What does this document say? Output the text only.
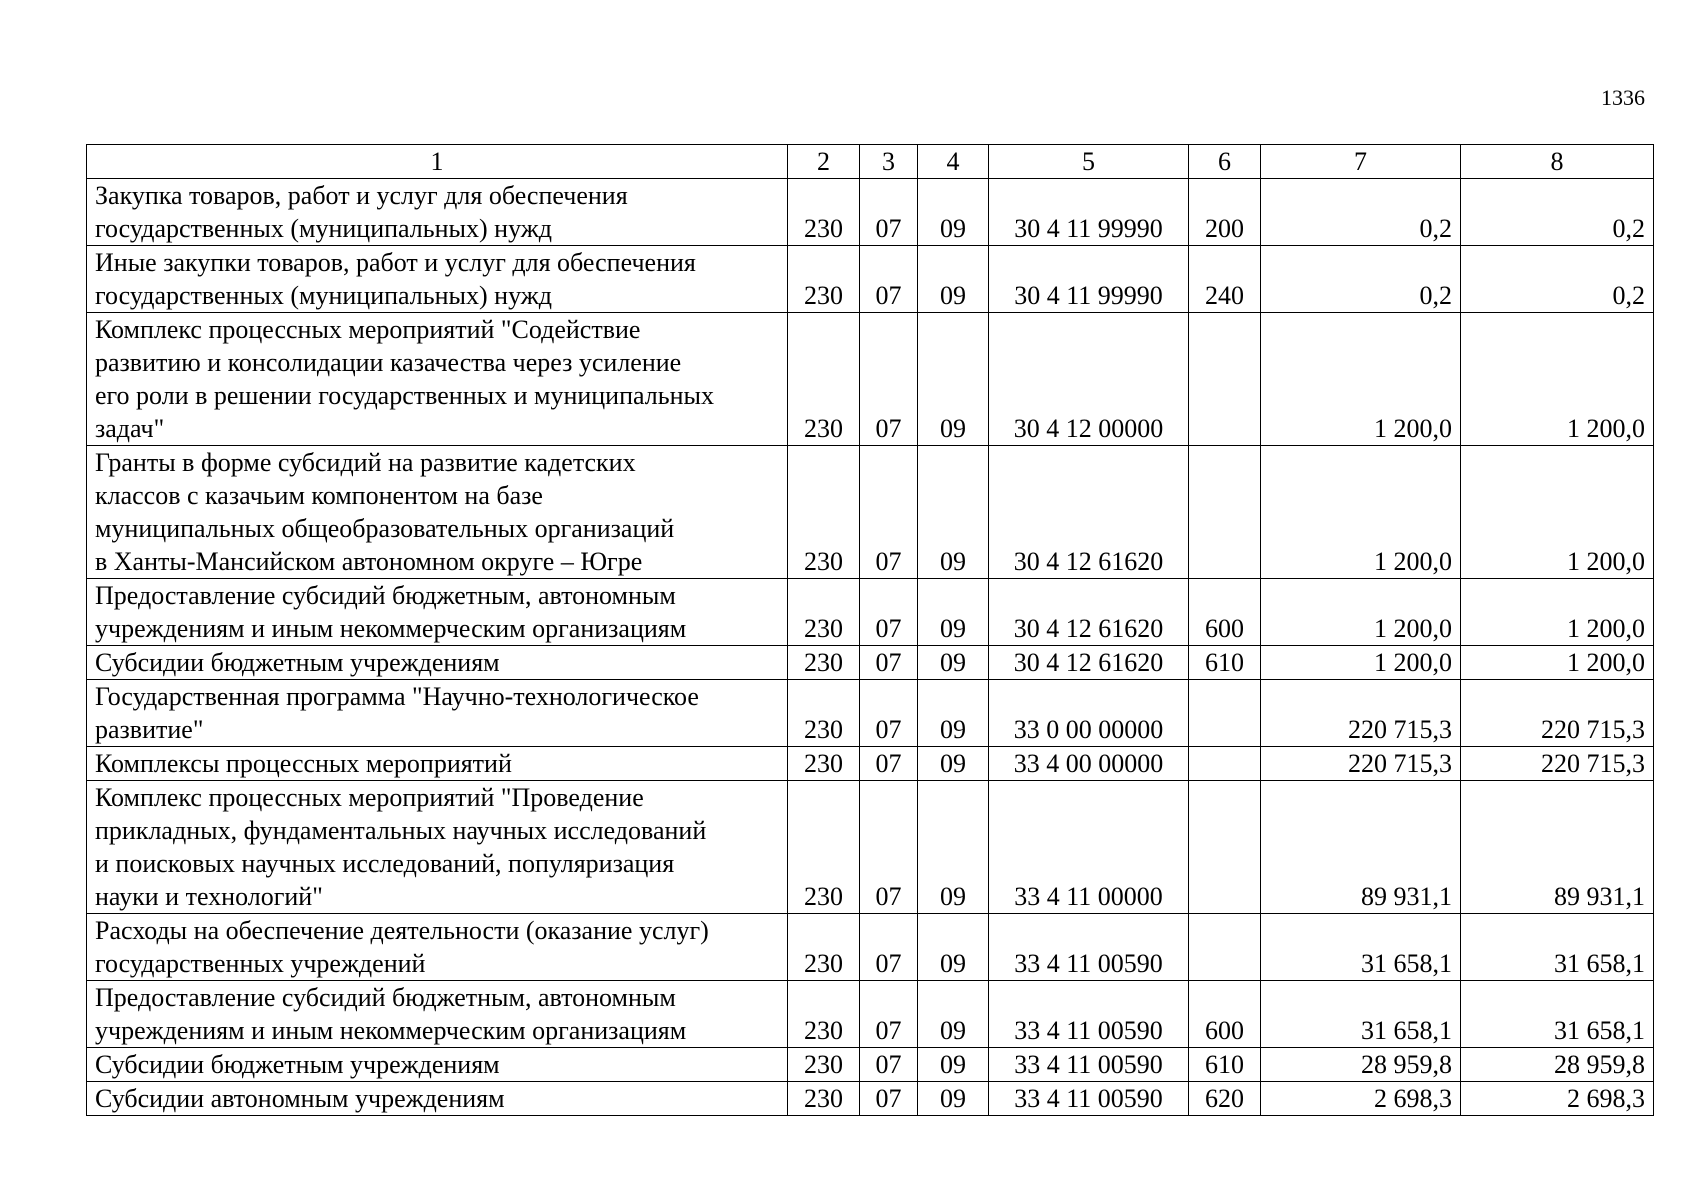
1336
1	2	3	4	5	6	7	8
Закупка товаров, работ и услуг для обеспечения
государственных (муниципальных) нужд	230	07	09	30 4 11 99990	200	0,2	0,2
Иные закупки товаров, работ и услуг для обеспечения
государственных (муниципальных) нужд	230	07	09	30 4 11 99990	240	0,2	0,2
Комплекс процессных мероприятий "Содействие
развитию и консолидации казачества через усиление
его роли в решении государственных и муниципальных
задач"	230	07	09	30 4 12 00000		1 200,0	1 200,0
Гранты в форме субсидий на развитие кадетских
классов с казачьим компонентом на базе
муниципальных общеобразовательных организаций
в Ханты-Мансийском автономном округе – Югре	230	07	09	30 4 12 61620		1 200,0	1 200,0
Предоставление субсидий бюджетным, автономным
учреждениям и иным некоммерческим организациям	230	07	09	30 4 12 61620	600	1 200,0	1 200,0
Субсидии бюджетным учреждениям	230	07	09	30 4 12 61620	610	1 200,0	1 200,0
Государственная программа "Научно-технологическое
развитие"	230	07	09	33 0 00 00000		220 715,3	220 715,3
Комплексы процессных мероприятий	230	07	09	33 4 00 00000		220 715,3	220 715,3
Комплекс процессных мероприятий "Проведение
прикладных, фундаментальных научных исследований
и поисковых научных исследований, популяризация
науки и технологий"	230	07	09	33 4 11 00000		89 931,1	89 931,1
Расходы на обеспечение деятельности (оказание услуг)
государственных учреждений	230	07	09	33 4 11 00590		31 658,1	31 658,1
Предоставление субсидий бюджетным, автономным
учреждениям и иным некоммерческим организациям	230	07	09	33 4 11 00590	600	31 658,1	31 658,1
Субсидии бюджетным учреждениям	230	07	09	33 4 11 00590	610	28 959,8	28 959,8
Субсидии автономным учреждениям	230	07	09	33 4 11 00590	620	2 698,3	2 698,3
